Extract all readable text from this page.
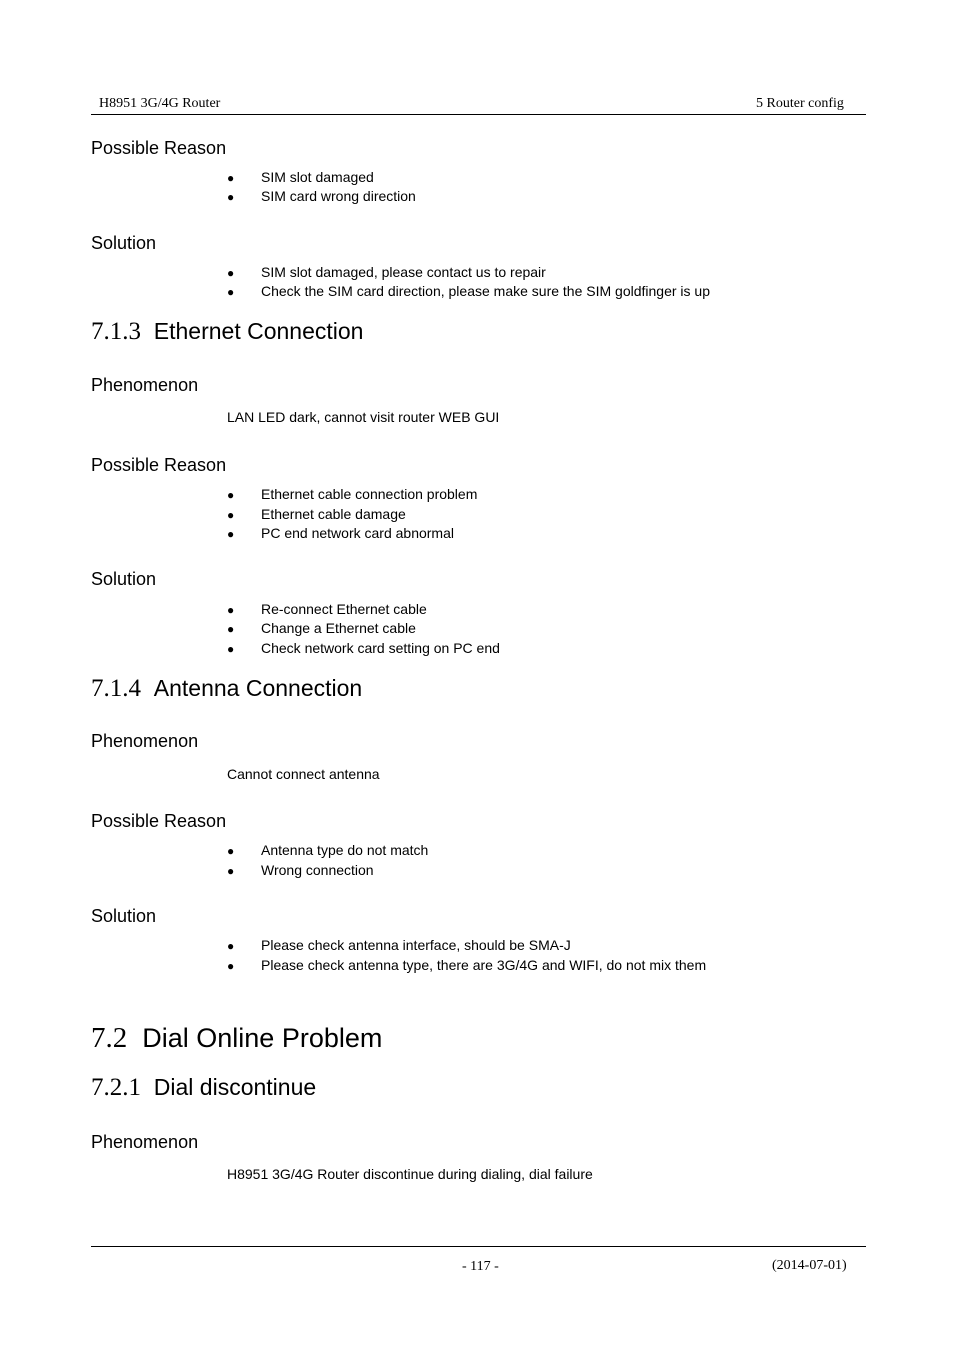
H8951 3G/4G Router	5 Router config
Possible Reason
● SIM slot damaged
● SIM card wrong direction
Solution
● SIM slot damaged, please contact us to repair
● Check the SIM card direction, please make sure the SIM goldfinger is up
7.1.3 Ethernet Connection
Phenomenon
LAN LED dark, cannot visit router WEB GUI
Possible Reason
● Ethernet cable connection problem
● Ethernet cable damage
● PC end network card abnormal
Solution
● Re-connect Ethernet cable
● Change a Ethernet cable
● Check network card setting on PC end
7.1.4 Antenna Connection
Phenomenon
Cannot connect antenna
Possible Reason
● Antenna type do not match
● Wrong connection
Solution
● Please check antenna interface, should be SMA-J
● Please check antenna type, there are 3G/4G and WIFI, do not mix them
7.2 Dial Online Problem
7.2.1 Dial discontinue
Phenomenon
H8951 3G/4G Router discontinue during dialing, dial failure
- 117 -	(2014-07-01)
